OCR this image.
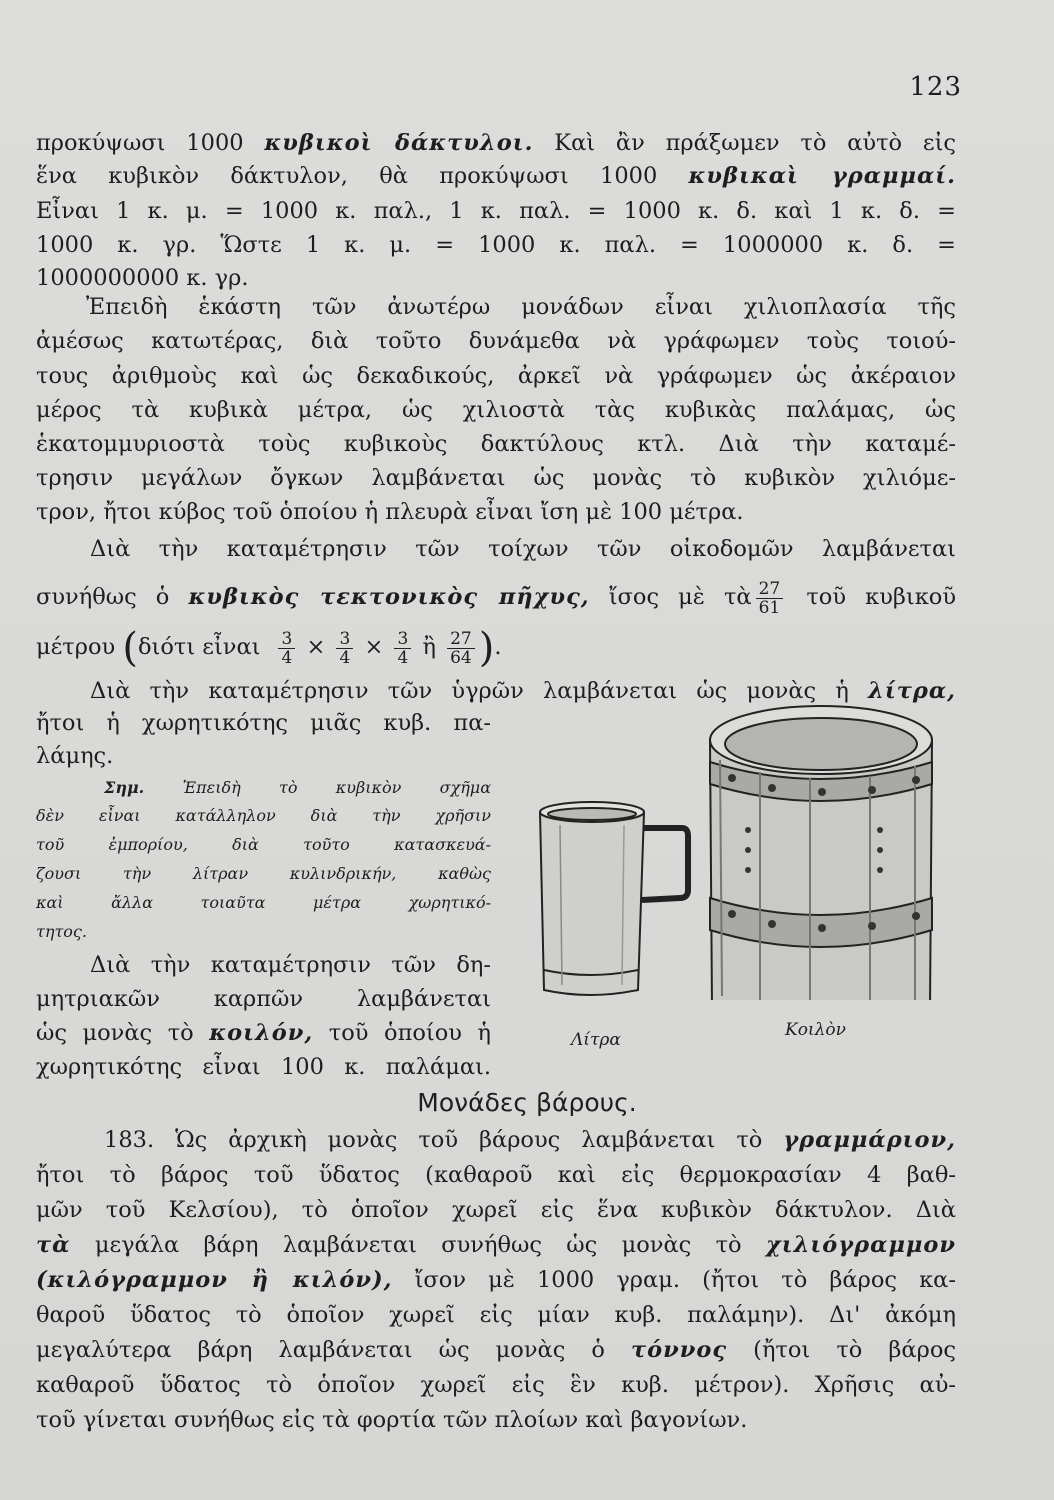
123
προκύψωσι 1000 κυβικοὶ δάκτυλοι. Καὶ ἂν πράξωμεν τὸ αὐτὸ εἰς
ἕνα κυβικὸν δάκτυλον, θὰ προκύψωσι 1000 κυβικαὶ γραμμαί.
Εἶναι 1 κ. μ. = 1000 κ. παλ., 1 κ. παλ. = 1000 κ. δ. καὶ 1 κ. δ. =
1000 κ. γρ. Ὥστε 1 κ. μ. = 1000 κ. παλ. = 1000000 κ. δ. =
1000000000 κ. γρ.
Ἐπειδὴ ἑκάστη τῶν ἀνωτέρω μονάδων εἶναι χιλιοπλασία τῆς
ἀμέσως κατωτέρας, διὰ τοῦτο δυνάμεθα νὰ γράφωμεν τοὺς τοιού-
τους ἀριθμοὺς καὶ ὡς δεκαδικούς, ἀρκεῖ νὰ γράφωμεν ὡς ἀκέραιον
μέρος τὰ κυβικὰ μέτρα, ὡς χιλιοστὰ τὰς κυβικὰς παλάμας, ὡς
ἑκατομμυριοστὰ τοὺς κυβικοὺς δακτύλους κτλ. Διὰ τὴν καταμέ-
τρησιν μεγάλων ὄγκων λαμβάνεται ὡς μονὰς τὸ κυβικὸν χιλιόμε-
τρον, ἤτοι κύβος τοῦ ὁποίου ἡ πλευρὰ εἶναι ἴση μὲ 100 μέτρα.
Διὰ τὴν καταμέτρησιν τῶν τοίχων τῶν οἰκοδομῶν λαμβάνεται
συνήθως ὁ κυβικὸς τεκτονικὸς πῆχυς, ἴσος μὲ τὰ $\frac{27}{61}$ τοῦ κυβικοῦ
μέτρου (διότι εἶναι $\frac{3}{4} \times \frac{3}{4} \times \frac{3}{4}$ ἢ $\frac{27}{64}$ ).
Διὰ τὴν καταμέτρησιν τῶν ὑγρῶν λαμβάνεται ὡς μονὰς ἡ λίτρα,
ἤτοι ἡ χωρητικότης μιᾶς κυβ. πα-
λάμης.
Σημ. Ἐπειδὴ τὸ κυβικὸν σχῆμα
δὲν εἶναι κατάλληλον διὰ τὴν χρῆσιν
τοῦ ἐμπορίου, διὰ τοῦτο κατασκευά-
ζουσι τὴν λίτραν κυλινδρικήν, καθὼς
καὶ ἄλλα τοιαῦτα μέτρα χωρητικό-
τητος.
Διὰ τὴν καταμέτρησιν τῶν δη-
μητριακῶν καρπῶν λαμβάνεται
ὡς μονὰς τὸ κοιλόν, τοῦ ὁποίου ἡ
χωρητικότης εἶναι 100 κ. παλάμαι.
Λίτρα	Κοιλὸν
Μονάδες βάρους.
183. Ὡς ἀρχικὴ μονὰς τοῦ βάρους λαμβάνεται τὸ γραμμάριον,
ἤτοι τὸ βάρος τοῦ ὕδατος (καθαροῦ καὶ εἰς θερμοκρασίαν 4 βαθ-
μῶν τοῦ Κελσίου), τὸ ὁποῖον χωρεῖ εἰς ἕνα κυβικὸν δάκτυλον. Διὰ
τὰ μεγάλα βάρη λαμβάνεται συνήθως ὡς μονὰς τὸ χιλιόγραμμον
(κιλόγραμμον ἢ κιλόν), ἴσον μὲ 1000 γραμ. (ἤτοι τὸ βάρος κα-
θαροῦ ὕδατος τὸ ὁποῖον χωρεῖ εἰς μίαν κυβ. παλάμην). Δι' ἀκόμη
μεγαλύτερα βάρη λαμβάνεται ὡς μονὰς ὁ τόννος (ἤτοι τὸ βάρος
καθαροῦ ὕδατος τὸ ὁποῖον χωρεῖ εἰς ἓν κυβ. μέτρον). Χρῆσις αὐ-
τοῦ γίνεται συνήθως εἰς τὰ φορτία τῶν πλοίων καὶ βαγονίων.
